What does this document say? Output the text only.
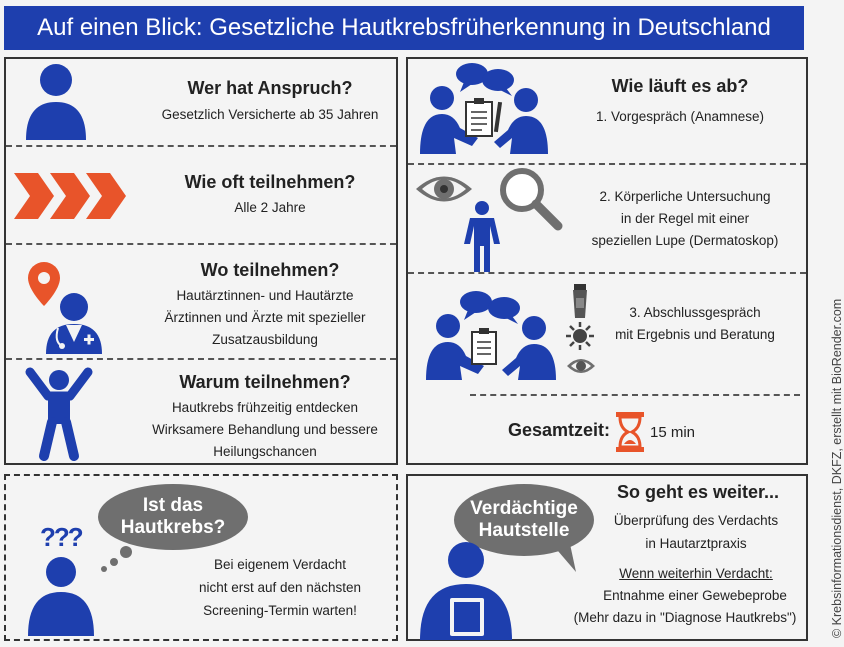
Auf einen Blick: Gesetzliche Hautkrebsfrüherkennung in Deutschland
Wer hat Anspruch?
Gesetzlich Versicherte ab 35 Jahren
Wie oft teilnehmen?
Alle 2 Jahre
Wo teilnehmen?
Hautärztinnen- und Hautärzte
Ärztinnen und Ärzte mit spezieller
Zusatzausbildung
Warum teilnehmen?
Hautkrebs frühzeitig entdecken
Wirksamere Behandlung und bessere
Heilungschancen
Wie läuft es ab?
1. Vorgespräch (Anamnese)
2. Körperliche Untersuchung
in der Regel mit einer
speziellen Lupe (Dermatoskop)
3. Abschlussgespräch
mit Ergebnis und Beratung
Gesamtzeit:	15 min
Ist das
Hautkrebs?
???
Bei eigenem Verdacht
nicht erst auf den nächsten
Screening-Termin warten!
Verdächtige
Hautstelle
So geht es weiter...
Überprüfung des Verdachts
in Hautarztpraxis
Wenn weiterhin Verdacht:
Entnahme einer Gewebeprobe
(Mehr dazu in "Diagnose Hautkrebs")	© Krebsinformationsdienst, DKFZ, erstellt mit BioRender.com
